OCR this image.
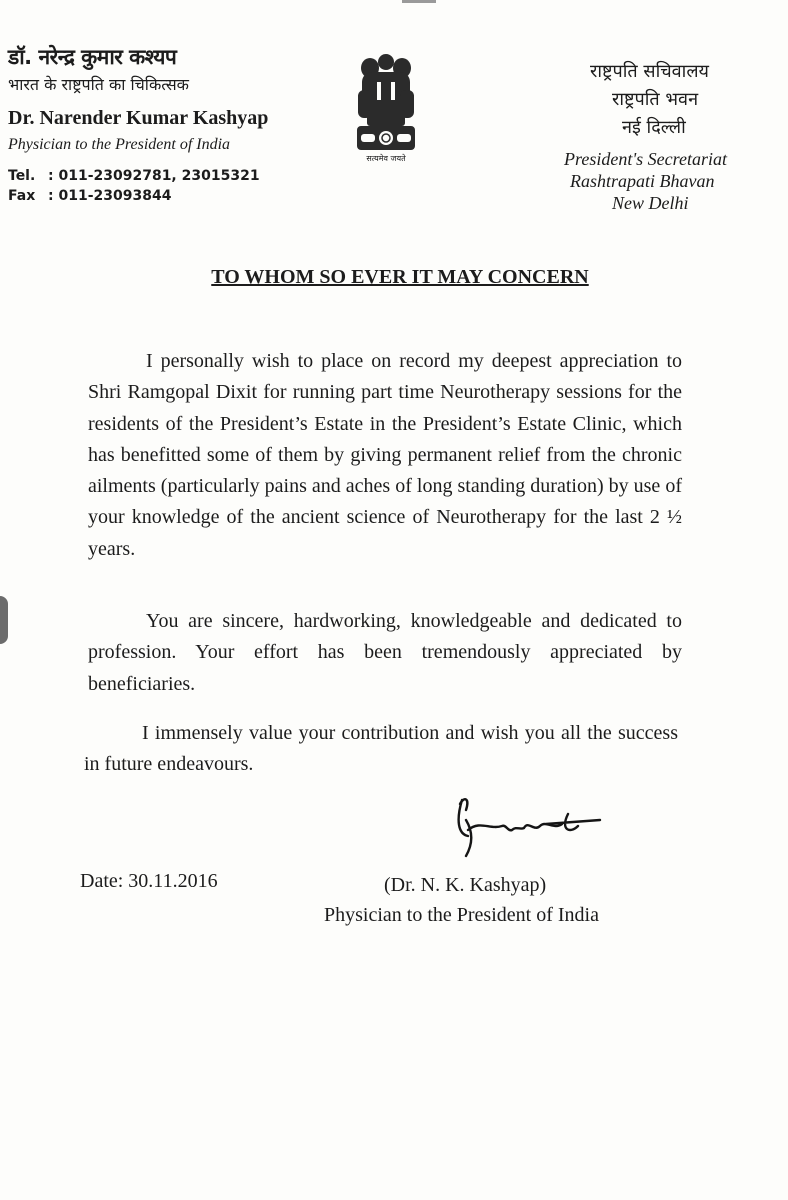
डॉ. नरेन्द्र कुमार कश्यप
भारत के राष्ट्रपति का चिकित्सक
Dr. Narender Kumar Kashyap
Physician to the President of India
Tel. : 011-23092781, 23015321
Fax : 011-23093844
सत्यमेव जयते
राष्ट्रपति सचिवालय
राष्ट्रपति भवन
नई दिल्ली
President's Secretariat
Rashtrapati Bhavan
New Delhi
TO WHOM SO EVER IT MAY CONCERN

I personally wish to place on record my deepest appreciation to Shri Ramgopal Dixit for running part time Neurotherapy sessions for the residents of the President’s Estate in the President’s Estate Clinic, which has benefitted some of them by giving permanent relief from the chronic ailments (particularly pains and aches of long standing duration) by use of your knowledge of the ancient science of Neurotherapy for the last 2 ½ years.

You are sincere, hardworking, knowledgeable and dedicated to profession. Your effort has been tremendously appreciated by beneficiaries.

I immensely value your contribution and wish you all the success in future endeavours.

Date: 30.11.2016	(Dr. N. K. Kashyap)
Physician to the President of India
